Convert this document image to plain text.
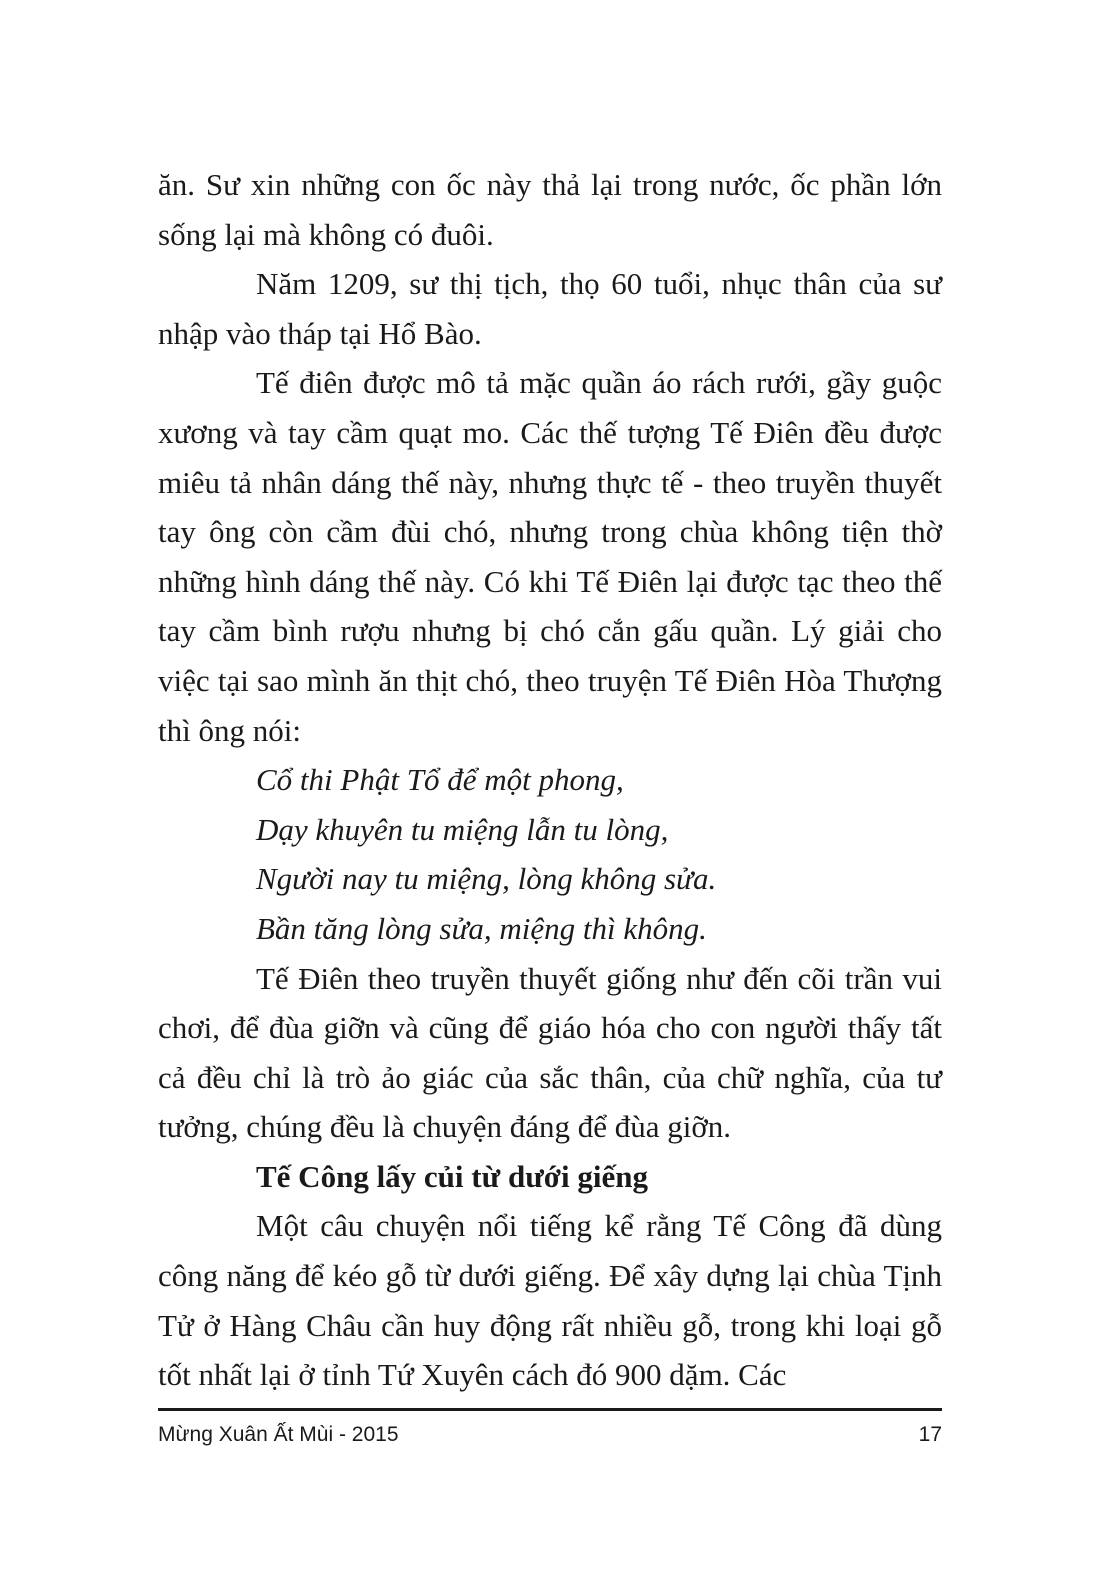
ăn. Sư xin những con ốc này thả lại trong nước, ốc phần lớn sống lại mà không có đuôi.

Năm 1209, sư thị tịch, thọ 60 tuổi, nhục thân của sư nhập vào tháp tại Hổ Bào.

Tế điên được mô tả mặc quần áo rách rưới, gầy guộc xương và tay cầm quạt mo. Các thế tượng Tế Điên đều được miêu tả nhân dáng thế này, nhưng thực tế - theo truyền thuyết tay ông còn cầm đùi chó, nhưng trong chùa không tiện thờ những hình dáng thế này. Có khi Tế Điên lại được tạc theo thế tay cầm bình rượu nhưng bị chó cắn gấu quần. Lý giải cho việc tại sao mình ăn thịt chó, theo truyện Tế Điên Hòa Thượng thì ông nói:

Cổ thi Phật Tổ để một phong,

Dạy khuyên tu miệng lẫn tu lòng,

Người nay tu miệng, lòng không sửa.

Bần tăng lòng sửa, miệng thì không.

Tế Điên theo truyền thuyết giống như đến cõi trần vui chơi, để đùa giỡn và cũng để giáo hóa cho con người thấy tất cả đều chỉ là trò ảo giác của sắc thân, của chữ nghĩa, của tư tưởng, chúng đều là chuyện đáng để đùa giỡn.

Tế Công lấy củi từ dưới giếng

Một câu chuyện nổi tiếng kể rằng Tế Công đã dùng công năng để kéo gỗ từ dưới giếng. Để xây dựng lại chùa Tịnh Tử ở Hàng Châu cần huy động rất nhiều gỗ, trong khi loại gỗ tốt nhất lại ở tỉnh Tứ Xuyên cách đó 900 dặm. Các

Mừng Xuân Ất Mùi - 2015	17
